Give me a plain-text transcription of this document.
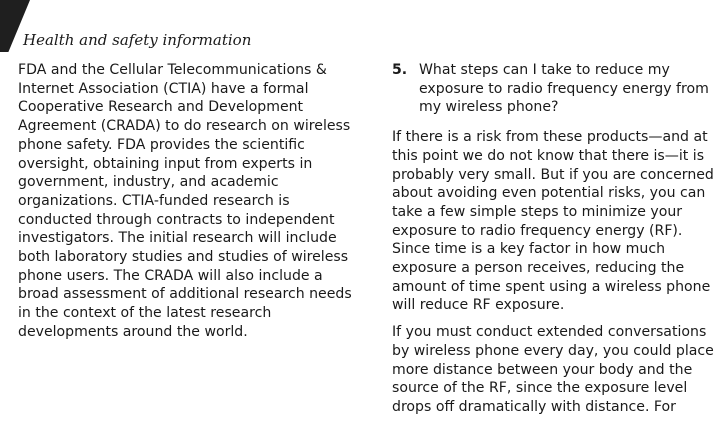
Health and safety information

FDA and the Cellular Telecommunications & Internet Association (CTIA) have a formal Cooperative Research and Development Agreement (CRADA) to do research on wireless phone safety. FDA provides the scientific oversight, obtaining input from experts in government, industry, and academic organizations. CTIA-funded research is conducted through contracts to independent investigators. The initial research will include both laboratory studies and studies of wireless phone users. The CRADA will also include a broad assessment of additional research needs in the context of the latest research developments around the world.

5. What steps can I take to reduce my exposure to radio frequency energy from my wireless phone?

If there is a risk from these products—and at this point we do not know that there is—it is probably very small. But if you are concerned about avoiding even potential risks, you can take a few simple steps to minimize your exposure to radio frequency energy (RF). Since time is a key factor in how much exposure a person receives, reducing the amount of time spent using a wireless phone will reduce RF exposure.

If you must conduct extended conversations by wireless phone every day, you could place more distance between your body and the source of the RF, since the exposure level drops off dramatically with distance. For
